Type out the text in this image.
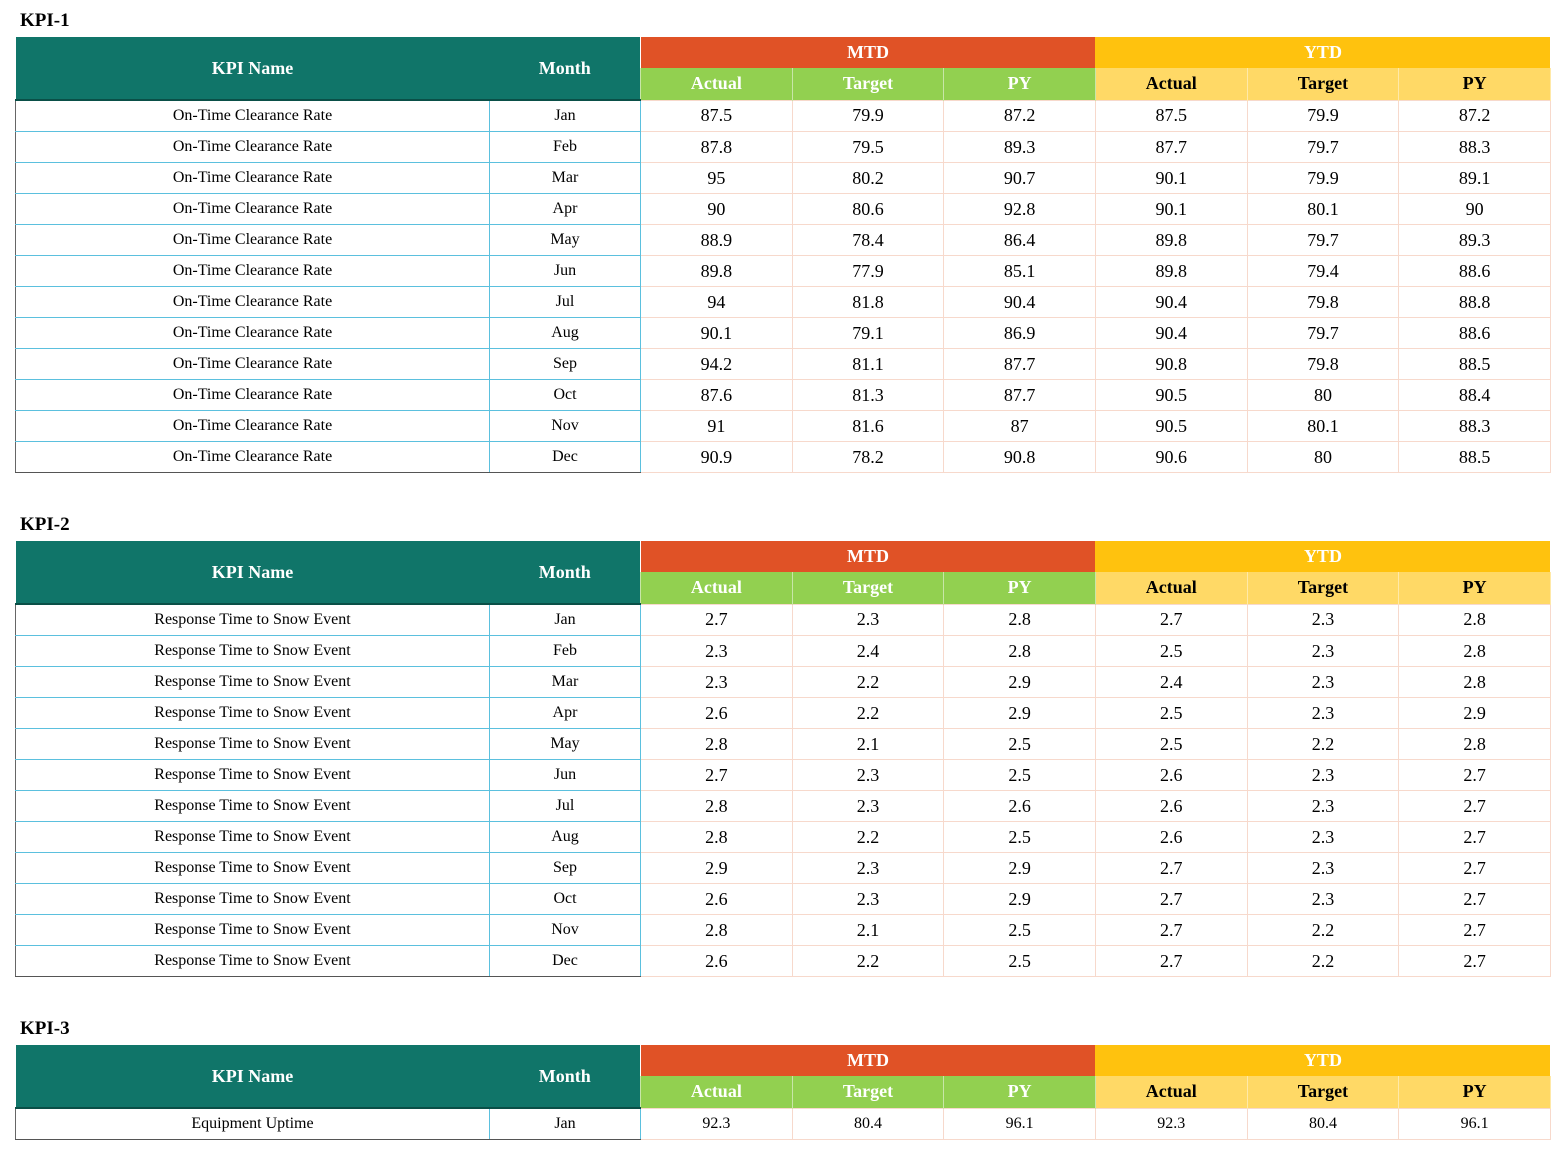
KPI-1
KPI Name	Month	MTD			YTD		
		Actual	Target	PY	Actual	Target	PY
On-Time Clearance Rate	Jan	87.5	79.9	87.2	87.5	79.9	87.2
On-Time Clearance Rate	Feb	87.8	79.5	89.3	87.7	79.7	88.3
On-Time Clearance Rate	Mar	95	80.2	90.7	90.1	79.9	89.1
On-Time Clearance Rate	Apr	90	80.6	92.8	90.1	80.1	90
On-Time Clearance Rate	May	88.9	78.4	86.4	89.8	79.7	89.3
On-Time Clearance Rate	Jun	89.8	77.9	85.1	89.8	79.4	88.6
On-Time Clearance Rate	Jul	94	81.8	90.4	90.4	79.8	88.8
On-Time Clearance Rate	Aug	90.1	79.1	86.9	90.4	79.7	88.6
On-Time Clearance Rate	Sep	94.2	81.1	87.7	90.8	79.8	88.5
On-Time Clearance Rate	Oct	87.6	81.3	87.7	90.5	80	88.4
On-Time Clearance Rate	Nov	91	81.6	87	90.5	80.1	88.3
On-Time Clearance Rate	Dec	90.9	78.2	90.8	90.6	80	88.5
KPI-2
KPI Name	Month	MTD			YTD		
		Actual	Target	PY	Actual	Target	PY
Response Time to Snow Event	Jan	2.7	2.3	2.8	2.7	2.3	2.8
Response Time to Snow Event	Feb	2.3	2.4	2.8	2.5	2.3	2.8
Response Time to Snow Event	Mar	2.3	2.2	2.9	2.4	2.3	2.8
Response Time to Snow Event	Apr	2.6	2.2	2.9	2.5	2.3	2.9
Response Time to Snow Event	May	2.8	2.1	2.5	2.5	2.2	2.8
Response Time to Snow Event	Jun	2.7	2.3	2.5	2.6	2.3	2.7
Response Time to Snow Event	Jul	2.8	2.3	2.6	2.6	2.3	2.7
Response Time to Snow Event	Aug	2.8	2.2	2.5	2.6	2.3	2.7
Response Time to Snow Event	Sep	2.9	2.3	2.9	2.7	2.3	2.7
Response Time to Snow Event	Oct	2.6	2.3	2.9	2.7	2.3	2.7
Response Time to Snow Event	Nov	2.8	2.1	2.5	2.7	2.2	2.7
Response Time to Snow Event	Dec	2.6	2.2	2.5	2.7	2.2	2.7
KPI-3
KPI Name	Month	MTD			YTD		
		Actual	Target	PY	Actual	Target	PY
Equipment Uptime	Jan	92.3	80.4	96.1	92.3	80.4	96.1
